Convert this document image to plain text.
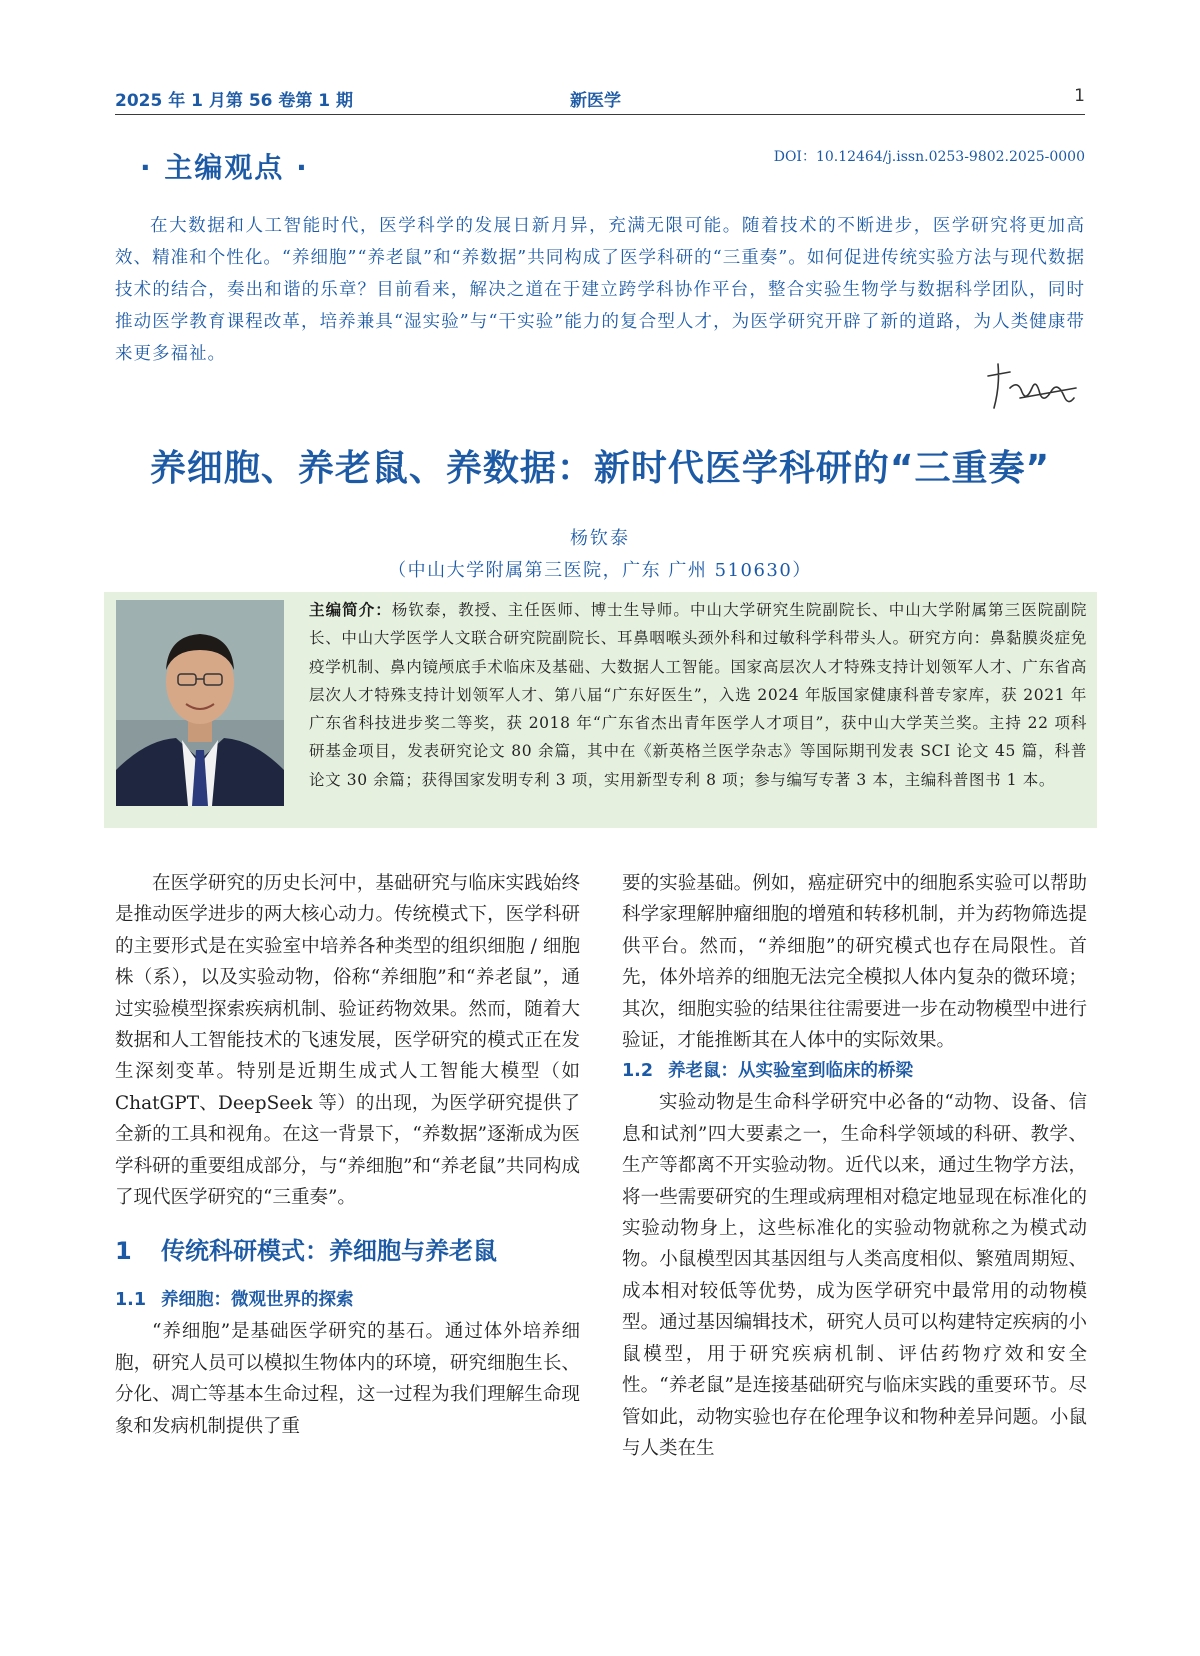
2025 年 1 月第 56 卷第 1 期	新医学	1
· 主编观点 ·	DOI：10.12464/j.issn.0253-9802.2025-0000
在大数据和人工智能时代，医学科学的发展日新月异，充满无限可能。随着技术的不断进步，医学研究将更加高效、精准和个性化。“养细胞”“养老鼠”和“养数据”共同构成了医学科研的“三重奏”。如何促进传统实验方法与现代数据技术的结合，奏出和谐的乐章？目前看来，解决之道在于建立跨学科协作平台，整合实验生物学与数据科学团队，同时推动医学教育课程改革，培养兼具“湿实验”与“干实验”能力的复合型人才，为医学研究开辟了新的道路，为人类健康带来更多福祉。
养细胞、养老鼠、养数据：新时代医学科研的“三重奏”
杨钦泰
（中山大学附属第三医院，广东 广州 510630）
主编简介：杨钦泰，教授、主任医师、博士生导师。中山大学研究生院副院长、中山大学附属第三医院副院长、中山大学医学人文联合研究院副院长、耳鼻咽喉头颈外科和过敏科学科带头人。研究方向：鼻黏膜炎症免疫学机制、鼻内镜颅底手术临床及基础、大数据人工智能。国家高层次人才特殊支持计划领军人才、广东省高层次人才特殊支持计划领军人才、第八届“广东好医生”，入选 2024 年版国家健康科普专家库，获 2021 年广东省科技进步奖二等奖，获 2018 年“广东省杰出青年医学人才项目”，获中山大学芙兰奖。主持 22 项科研基金项目，发表研究论文 80 余篇，其中在《新英格兰医学杂志》等国际期刊发表 SCI 论文 45 篇，科普论文 30 余篇；获得国家发明专利 3 项，实用新型专利 8 项；参与编写专著 3 本，主编科普图书 1 本。

在医学研究的历史长河中，基础研究与临床实践始终是推动医学进步的两大核心动力。传统模式下，医学科研的主要形式是在实验室中培养各种类型的组织细胞 / 细胞株（系），以及实验动物，俗称“养细胞”和“养老鼠”，通过实验模型探索疾病机制、验证药物效果。然而，随着大数据和人工智能技术的飞速发展，医学研究的模式正在发生深刻变革。特别是近期生成式人工智能大模型（如 ChatGPT、DeepSeek 等）的出现，为医学研究提供了全新的工具和视角。在这一背景下，“养数据”逐渐成为医学科研的重要组成部分，与“养细胞”和“养老鼠”共同构成了现代医学研究的“三重奏”。

1 传统科研模式：养细胞与养老鼠
1.1 养细胞：微观世界的探索

“养细胞”是基础医学研究的基石。通过体外培养细胞，研究人员可以模拟生物体内的环境，研究细胞生长、分化、凋亡等基本生命过程，这一过程为我们理解生命现象和发病机制提供了重

要的实验基础。例如，癌症研究中的细胞系实验可以帮助科学家理解肿瘤细胞的增殖和转移机制，并为药物筛选提供平台。然而，“养细胞”的研究模式也存在局限性。首先，体外培养的细胞无法完全模拟人体内复杂的微环境；其次，细胞实验的结果往往需要进一步在动物模型中进行验证，才能推断其在人体中的实际效果。

1.2 养老鼠：从实验室到临床的桥梁

实验动物是生命科学研究中必备的“动物、设备、信息和试剂”四大要素之一，生命科学领域的科研、教学、生产等都离不开实验动物。近代以来，通过生物学方法，将一些需要研究的生理或病理相对稳定地显现在标准化的实验动物身上，这些标准化的实验动物就称之为模式动物。小鼠模型因其基因组与人类高度相似、繁殖周期短、成本相对较低等优势，成为医学研究中最常用的动物模型。通过基因编辑技术，研究人员可以构建特定疾病的小鼠模型，用于研究疾病机制、评估药物疗效和安全性。“养老鼠”是连接基础研究与临床实践的重要环节。尽管如此，动物实验也存在伦理争议和物种差异问题。小鼠与人类在生
